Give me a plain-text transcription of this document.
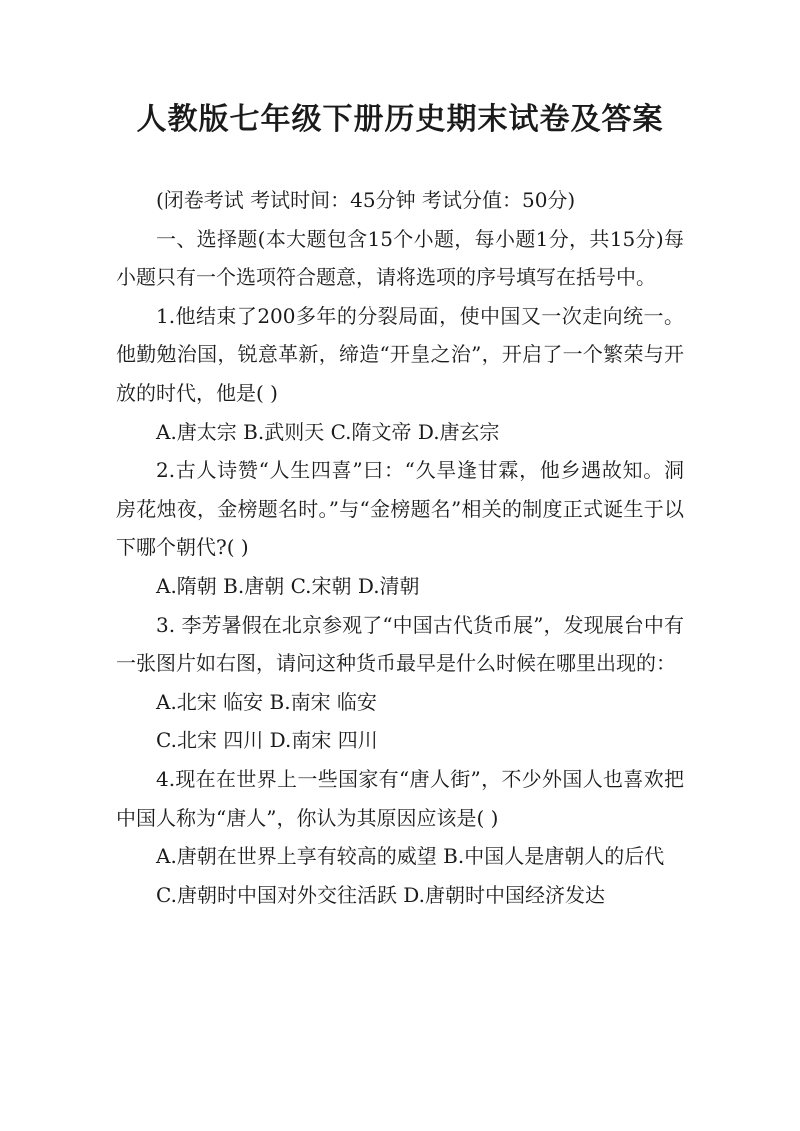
人教版七年级下册历史期末试卷及答案

(闭卷考试 考试时间：45分钟 考试分值：50分)

一、选择题(本大题包含15个小题，每小题1分，共15分)每小题只有一个选项符合题意，请将选项的序号填写在括号中。

1.他结束了200多年的分裂局面，使中国又一次走向统一。他勤勉治国，锐意革新，缔造“开皇之治”，开启了一个繁荣与开放的时代，他是( )

A.唐太宗 B.武则天 C.隋文帝 D.唐玄宗

2.古人诗赞“人生四喜”曰：“久旱逢甘霖，他乡遇故知。洞房花烛夜，金榜题名时。”与“金榜题名”相关的制度正式诞生于以下哪个朝代?( )

A.隋朝 B.唐朝 C.宋朝 D.清朝

3. 李芳暑假在北京参观了“中国古代货币展”，发现展台中有一张图片如右图，请问这种货币最早是什么时候在哪里出现的：

A.北宋 临安 B.南宋 临安

C.北宋 四川 D.南宋 四川

4.现在在世界上一些国家有“唐人街”，不少外国人也喜欢把中国人称为“唐人”，你认为其原因应该是( )

A.唐朝在世界上享有较高的威望 B.中国人是唐朝人的后代

C.唐朝时中国对外交往活跃 D.唐朝时中国经济发达
